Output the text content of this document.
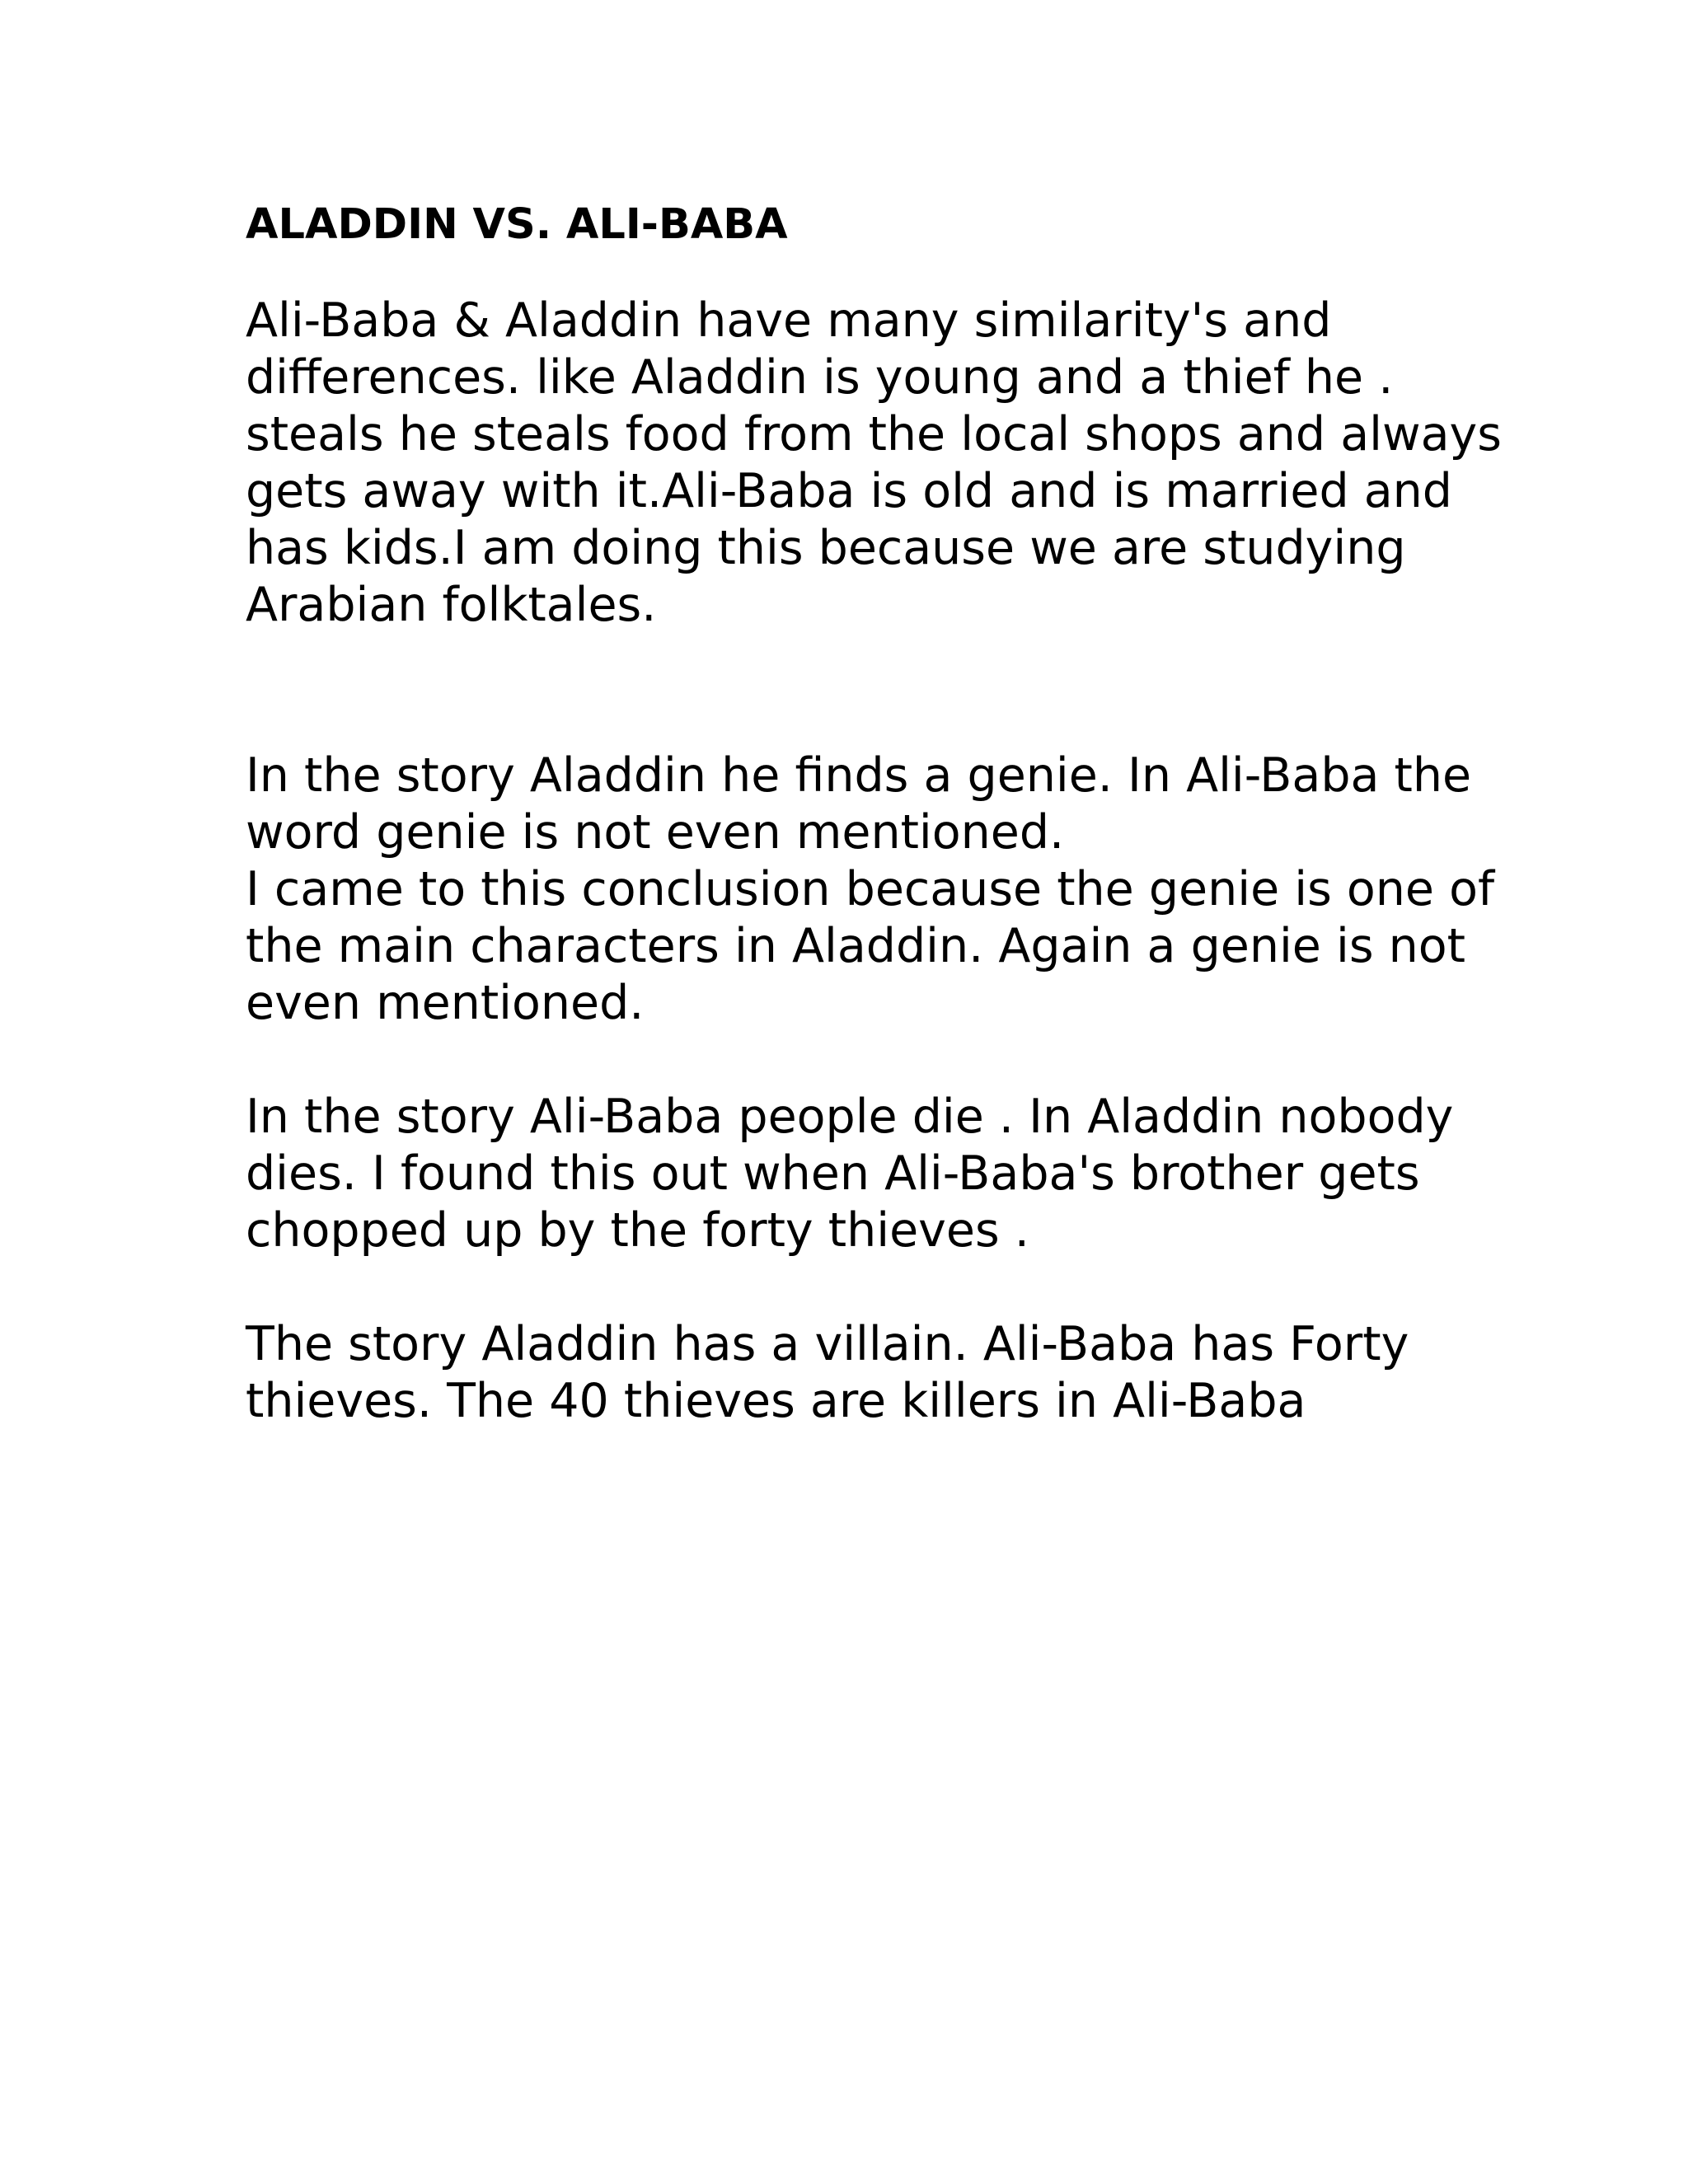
ALADDIN VS. ALI-BABA

Ali-Baba & Aladdin have many similarity's and

differences. like Aladdin is young and a thief he .

steals he steals food from the local shops and always

gets away with it.Ali-Baba is old and is married and

has kids.I am doing this because we are studying

Arabian folktales.

In the story Aladdin he finds a genie. In Ali-Baba the

word genie is not even mentioned.

I came to this conclusion because the genie is one of

the main characters in Aladdin. Again a genie is not

even mentioned.

In the story Ali-Baba people die . In Aladdin nobody

dies. I found this out when Ali-Baba's brother gets

chopped up by the forty thieves .

The story Aladdin has a villain. Ali-Baba has Forty

thieves. The 40 thieves are killers in Ali-Baba
